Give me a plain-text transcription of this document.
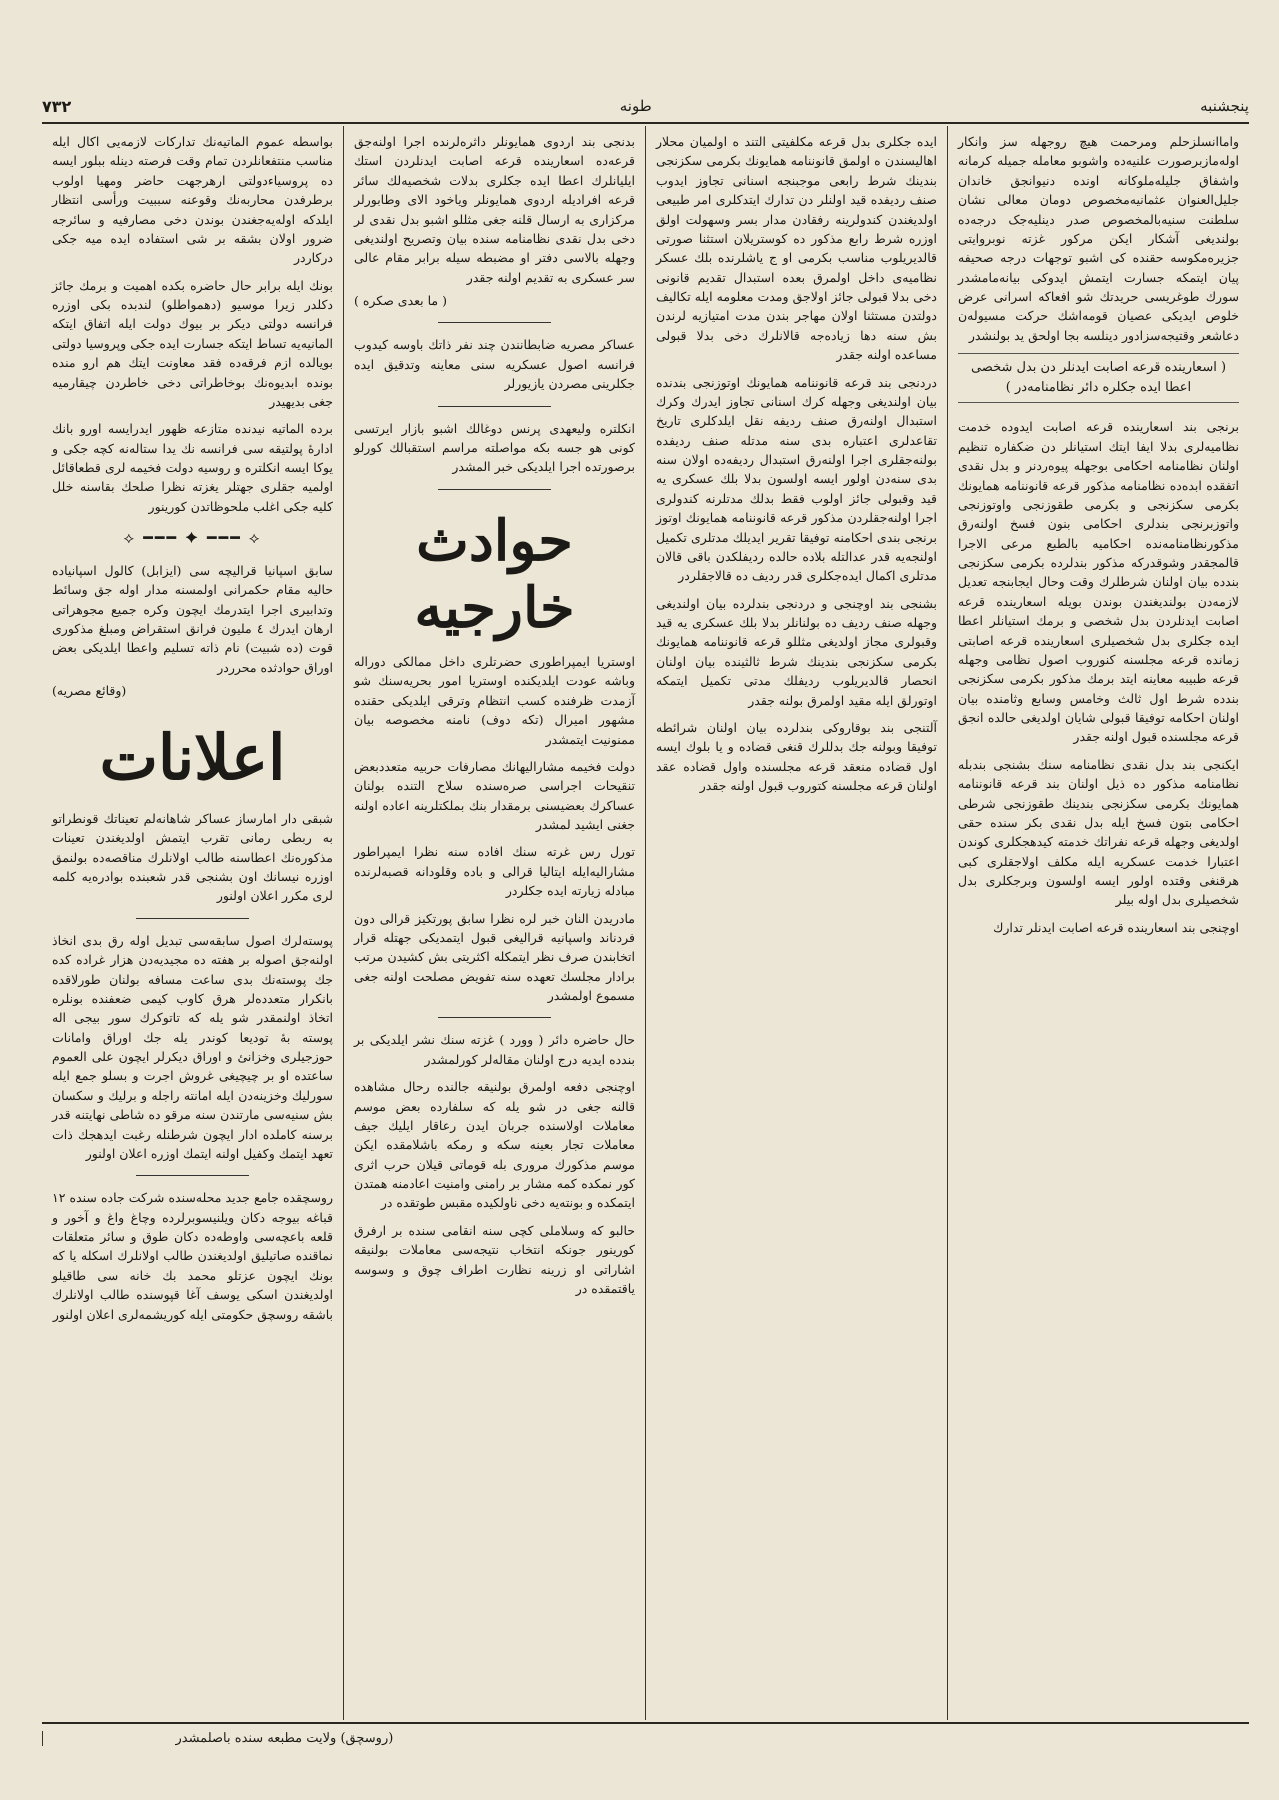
پنجشنبه
طونه
٧٣٢

واماانسلزحلم ومرحمت هیچ روجهله سز وانکار اوله‌مازبرصورت علنیه‌ده واشوبو معامله جمیله کرمانه واشفاق جلیله‌ملوکانه اونده دنیوانجق خاندان جلیل‌العنوان عثمانیه‌مخصوص دومان معالی نشان سلطنت سنیه‌بالمخصوص صدر دینلیه‌جک درجه‌ده بولندیغی آشکار ایکن مرکور غزته نوبروایتی جزیره‌مکوسه حقنده کی اشبو توجهات درجه صحیفه پیان ایتمکه جسارت ایتمش ایدوکی بیانه‌مامشدر سورك طوغریسی حریدتك شو افعاکه اسرانی عرض خلوص ایدیکی عصیان قومه‌اشك حرکت مسیوله‌ن دعاشعر وقتیجه‌سزادور دینلسه بجا اولحق ید بولنشدر

( اسعارینده قرعه اصابت ایدنلر دن بدل شخصی اعطا ایده جکلره دائر نظامنامه‌در )

برنجی بند اسعارینده قرعه اصابت ایدوده خدمت نظامیه‌لری بدلا ایفا ایتك استیانلر دن ضكفاره تنظیم اولنان نظامنامه احكامی بوجهله پیوه‌ردنر و بدل نقدی اتفقده ابده‌ده نظامنامه مذكور قرعه قانوننامه همایونك بکرمی سکزنجی و بکرمی طقوزنجی واوتوزنجی واتوزبرنجی بندلری احكامی بنون فسخ اولنه‌رق مذكورنظامنامه‌نده احكامیه بالطبع مرعی الاجرا قالمجقدر وشوقدركه مذكور بندلرده بکرمی سکزنجی بندده بیان اولنان شرطلرك وقت وحال ایجابنجه تعدیل لازمه‌دن بولندیغندن بوندن بویله اسعارینده قرعه اصابت ایدنلردن بدل شخصی و برمك استیانلر اعطا ایده جکلری بدل شخصیلری اسعارینده قرعه اصابتی زمانده قرعه مجلسنه کنوروب اصول نظامی وجهله قرعه طبیبه معاینه ایتد برمك مذكور بکرمی سکزنجی بندده شرط اول ثالث وخامس وسابع وثامنده بیان اولنان احکامه توفیقا قبولی شایان اولدیغی حالده انجق قرعه مجلسنده قبول اولنه جقدر

ایکنجی بند بدل نقدی نظامنامه سنك بشنجی بندبله نظامنامه مذكور ده ذیل اولنان بند قرعه قانوننامه همایونك بکرمی سکزنجی بندینك طقوزنجی شرطی احكامی بتون فسخ ایله بدل نقدی بکر سنده حقی اولدیغی وجهله قرعه نفراتك خدمته کیدهجکلری کوندن اعتبارا خدمت عسکریه ایله مكلف اولاجقلری کبی هرقنغی وقتده اولور ایسه اولسون وبرجکلری بدل شخصیلری بدل اوله بیلر

اوچنجی بند اسعارینده قرعه اصابت ایدنلر تدارك

ایده جکلری بدل قرعه مکلفیتی التند ه اولمیان محلار اهالیسندن ه اولمق قانوننامه همایونك بکرمی سکزنجی بندینك شرط رابعی موجبنجه اسنانی تجاوز ایدوب صنف ردیفده قید اولنلر دن تدارك ایتدکلری امر طبیعی اولدیغندن کندولرینه رفقادن مدار بسر وسهولت اولق اوزره شرط رابع مذکور ده کوستریلان استثنا صورتی قالدیریلوب مناسب بکرمی او ج یاشلرنده بلك عسكر نظامیه‌ی داخل اولمرق بعده استبدال تقدیم قانونی دخی بدلا قبولی جائز اولاجق ومدت معلومه ایله تکالیف دولتدن مستثنا اولان مهاجر بندن مدت امتیازیه لرندن بش سنه دها زیاده‌جه قالانلرك دخی بدلا قبولی مساعده اولنه جقدر

دردنجی بند قرعه قانوننامه همایونك اوتوزنجی بندنده بیان اولندیغی وجهله کرك اسنانی تجاوز ایدرك وکرك استبدال اولنه‌رق صنف ردیفه نقل ایلدکلری تاریخ تقاعدلری اعتباره بدی سنه مدتله صنف ردیفده بولنه‌جقلری اجرا اولنه‌رق استبدال ردیفه‌ده اولان سنه بدی سنه‌دن اولور ایسه اولسون بدلا بلك عسكری یه قید وقبولی جائز اولوب فقط بدلك مدتلرنه کندولری اجرا اولنه‌جقلردن مذکور قرعه قانوننامه همایونك اوتوز برنجی بندی احکامنه توفیقا تقریر ایدیلك مدتلری تکمیل اولنجه‌یه قدر عدالتله بلاده حالده ردیفلکدن باقی قالان مدتلری اکمال ایده‌جکلری قدر ردیف ده قالاجقلردر

بشنجی بند اوچنجی و دردنجی بندلرده بیان اولندیغی وجهله صنف ردیف ده بولنانلر بدلا بلك عسكری یه قید وقبولری مجاز اولدیغی مثللو قرعه قانوننامه همایونك بکرمی سکزنجی بندینك شرط ثالثینده بیان اولنان انحصار قالدیریلوب ردیفلك مدتی تکمیل ایتمکه اوتورلق ایله مقید اولمرق بولنه جقدر

آلتنجی بند بوقاروکی بندلرده بیان اولنان شرائطه توفیقا وبولنه جك بدللرك قنغی قضاده و یا بلوك ایسه اول قضاده منعقد قرعه مجلسنده واول قضاده عقد اولنان قرعه مجلسنه کتوروب قبول اولنه جقدر

بدنجی بند اردوی همایونلر داثره‌لرنده اجرا اولنه‌جق قرعه‌ده اسعارینده قرعه اصابت ایدنلردن استك ایلیانلرك اعطا ایده جکلری بدلات شخصیه‌لك سائر قرعه افرادیله اردوی همایونلر ویاخود الای وطابورلر مرکزاری به ارسال قلنه جغی مثللو اشبو بدل نقدی لر دخی بدل نقدی نظامنامه سنده بیان وتصریح اولندیغی وجهله بالاسی دفتر او مضبطه سیله برابر مقام عالی سر عسکری به تقدیم اولنه جقدر

( ما بعدی صکره )

عساکر مصریه ضابطانندن چند نفر ذاتك باوسه کیدوب فرانسه اصول عسکریه سنی معاینه وتدقیق ایده جکلرینی مصردن یازیورلر

انكلتره ولیعهدی پرنس دوغالك اشبو بازار ایرتسی کونی هو جسه بکه مواصلته مراسم استقبالك کورلو برصورتده اجرا ایلدیکی خبر المشدر

حوادث خارجیه

اوستریا ایمپراطوری حضرتلری داخل ممالکی دوراله وباشه عودت ایلدیکنده اوستریا امور بحریه‌سنك شو آزمدت ظرفنده کسب انتظام وترقی ایلدیکی حقنده مشهور امیرال (تکه دوف) نامنه مخصوصه بیان ممنونیت ایتمشدر

دولت فخیمه مشارالیهانك مصارفات حربیه متعددبعض تنقیحات اجراسی صره‌سنده سلاح التنده بولنان عساکرك بعضیسنی برمقدار بنك بملکتلرینه اعاده اولنه جغنی ایشید لمشدر

تورل رس غرته سنك افاده سنه نظرا ایمپراطور مشارالیه‌ایله ایتالیا قرالی و باده وقلودانه قصبه‌لرنده مبادله زیارته ایده جکلردر

مادریدن النان خبر لره نظرا سابق پورتکیز قرالی دون فردناند واسپانیه قرالیغی قبول ایتمدیکی جهتله قرار اتخابندن صرف نظر ایتمکله اکثریتی بش کشیدن مرتب برادار مجلسك تعهده سنه تفویض مصلحت اولنه جغی مسموع اولمشدر

حال حاضره دائر ( وورد ) غزته سنك نشر ایلدیکی بر بندده ایدیه درج اولنان مقاله‌لر کورلمشدر

اوچنجی دفعه اولمرق بولنیقه جالنده رحال مشاهده قالنه جغی در شو یله که سلفارده بعض موسم معاملات اولاسنده جربان ایدن رعاقار ایلیك جیف معاملات تجار بعینه سکه و رمکه باشلامقده ایکن موسم مذکورك مروری بله قوماتی قیلان حرب اثری کور نمکده کمه مشار بر رامنی وامنیت اعادمنه همتدن ایتمکده و بونته‌یه دخی ناولکیده مقبس طوتقده در

حالبو كه وسلاملی کچی سنه انقامی سنده بر ارفرق کورینور جونکه انتخاب نتیجه‌سی معاملات بولنیقه اشاراتی او زرینه نظارت اطراف چوق و وسوسه یاقتمقده در

بواسطه عموم الماتیه‌نك تدارکات لازمه‌یی اکال ایله مناسب منتفعانلردن تمام وقت فرصته دینله ببلور ایسه ده پروسیاء‌دولتی ارهرجهت حاضر ومهیا اولوب برطرفدن محاربه‌نك وقوعنه سببیت ورأسی انتظار ایلدکه اوله‌یه‌جغندن بوندن دخی مصارفیه و سائرجه ضرور اولان بشقه بر شی استفاده ایده میه جکی دركاردر

بونك ایله برابر حال حاضره بکده اهمیت و برمك جائز دکلدر زیرا موسیو (دهمواطلو) لندبده بکی اوزره فرانسه دولتی دیکر بر بیوك دولت ایله اتفاق ایتکه الما‌نیه‌یه تساط ایتکه جسارت ایده جکی وپروسیا دولتی بویالده ازم فرقه‌ده فقد معاونت ایتك هم ارو منده بونده ابدیوه‌نك بوخاطراتی دخی خاطردن چیقارمیه جغی بدیهیدر

برده الماتیه نیدنده متازعه ظهور ایدرایسه اورو بانك ادارهٔ پولتیقه سی فرانسه نك یدا ستاله‌نه کچه جکی و یوکا ایسه انکلتره و روسیه دولت فخیمه لری قطعاقائل اولمیه جقلری جهتلر یغزته نظرا صلحك بقاسنه خلل کلیه جکی اغلب ملحوظاتدن کورینور

⟡ ━━━ ✦ ━━━ ⟡

سابق اسپانیا قرالیچه سی (ایزابل) کالول اسپانیاده حالیه مقام حکمرانی اولمسنه مدار اوله جق وسائط وتدابیری اجرا ایتدرمك ایچون وکره جمیع مجوهراتی ارهان ایدرك ٤ ملیون فرانق استقراض ومبلغ مذکوری قوت (ده شبیت) نام ذاته تسلیم واعطا ایلدیکی بعض اوراق حوادثده محرردر

(وقائع مصریه)
اعلانات

شبقی دار امارساز عساکر شاهانه‌لم تعیناتك قونطراتو به ربطی رمانی تقرب ایتمش اولدیغندن تعینات مذکوره‌نك اعطاسنه طالب اولانلرك مناقصه‌ده بولنمق اوزره نیسانك اون بشنجی قدر شعبنده بوادره‌یه کلمه لری مکرر اعلان اولنور

پوسته‌لرك اصول سابقه‌سی تبدیل اوله رق بدی انخاذ اولنه‌جق اصوله بر هفته ده مجیدیه‌دن هزار غراده کده جك پوسته‌نك بدی ساعت مسافه بولنان طورلاقده بانکرار متعدده‌لر هرق کاوب کیمی ضعفنده بونلره اتخاذ اولنمقدر شو یله که تاتوکرك سور بیجی اله پوسته بهٔ توديعا کوندر یله جك اوراق وامانات حوزجیلری وخزانئ و اوراق دیکرلر ایچون علی العموم ساعتده او بر چیچیغی غروش اجرت و بسلو جمع ایله سورلیك وخزینه‌دن ایله امانته راجله و برلیك و سکسان بش سنیه‌سی مارتندن سنه مرقو ده شاطی نهایتنه قدر برسنه کاملده ادار ایچون شرطنله رغبت ایدهجك ذات تعهد ایتمك وكفیل اولنه ایتمك اوزره اعلان اولنور

روسچقده جامع جدید محله‌سنده شرکت جاده سنده ١٢ قباغه بیوجه دكان ویلنیسوبرلرده وچاغ واغ و آخور و قلعه باعچه‌سی واوطه‌ده دكان طوق و سائر متعلقات نماقنده صاتیلیق اولدیغندن طالب اولانلرك اسکله یا که بونك ایچون عزتلو محمد بك خانه سی طاقیلو اولدیغندن اسکی یوسف آغا قپوسنده طالب اولانلرك باشقه روسچق حکومتی ایله کوریشمه‌لری اعلان اولنور

(روسچق) ولایت مطبعه سنده باصلمشدر
